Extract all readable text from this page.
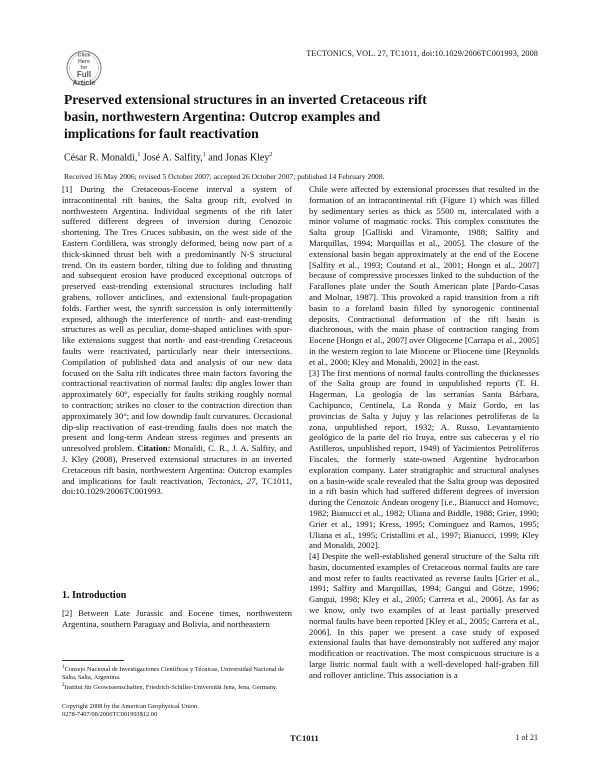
Click
Here
for
Full
Article
TECTONICS, VOL. 27, TC1011, doi:10.1029/2006TC001993, 2008
Preserved extensional structures in an inverted Cretaceous rift
basin, northwestern Argentina: Outcrop examples and
implications for fault reactivation
César R. Monaldi,$^1$ José A. Salfity,$^1$ and Jonas Kley$^2$
Received 16 May 2006; revised 5 October 2007; accepted 26 October 2007; published 14 February 2008.

[1] During the Cretaceous-Eocene interval a system of intracontinental rift basins, the Salta group rift, evolved in northwestern Argentina. Individual segments of the rift later suffered different degrees of inversion during Cenozoic shortening. The Tres Cruces subbasin, on the west side of the Eastern Cordillera, was strongly deformed, being now part of a thick-skinned thrust belt with a predominantly N-S structural trend. On its eastern border, tilting due to folding and thrusting and subsequent erosion have produced exceptional outcrops of preserved east-trending extensional structures including half grabens, rollover anticlines, and extensional fault-propagation folds. Farther west, the synrift succession is only intermittently exposed, although the interference of north- and east-trending structures as well as peculiar, dome-shaped anticlines with spur-like extensions suggest that north- and east-trending Cretaceous faults were reactivated, particularly near their intersections. Compilation of published data and analysis of our new data focused on the Salta rift indicates three main factors favoring the contractional reactivation of normal faults: dip angles lower than approximately 60°, especially for faults striking roughly normal to contraction; strikes no closer to the contraction direction than approximately 30°; and low downdip fault curvatures. Occasional dip-slip reactivation of east-trending faults does not match the present and long-term Andean stress regimes and presents an unresolved problem. Citation: Monaldi, C. R., J. A. Salfity, and J. Kley (2008), Preserved extensional structures in an inverted Cretaceous rift basin, northwestern Argentina: Outcrop examples and implications for fault reactivation, Tectonics, 27, TC1011, doi:10.1029/2006TC001993.

1. Introduction
[2] Between Late Jurassic and Eocene times, northwestern Argentina, southern Paraguay and Bolivia, and northeastern
$^1$Consejo Nacional de Investigaciones Científicas y Técnicas, Universidad Nacional de Salta, Salta, Argentina.
$^2$Institut für Geowissenschaften, Friedrich-Schiller-Universität Jena, Jena, Germany.
Copyright 2008 by the American Geophysical Union.
0278-7407/08/2006TC001993$12.00

Chile were affected by extensional processes that resulted in the formation of an intracontinental rift (Figure 1) which was filled by sedimentary series as thick as 5500 m, intercalated with a minor volume of magmatic rocks. This complex constitutes the Salta group [Galliski and Viramonte, 1988; Salfity and Marquillas, 1994; Marquillas et al., 2005]. The closure of the extensional basin began approximately at the end of the Eocene [Salfity et al., 1993; Coutand et al., 2001; Hongn et al., 2007] because of compressive processes linked to the subduction of the Farallones plate under the South American plate [Pardo-Casas and Molnar, 1987]. This provoked a rapid transition from a rift basin to a foreland basin filled by synorogenic continental deposits. Contractional deformation of the rift basin is diachronous, with the main phase of contraction ranging from Eocene [Hongn et al., 2007] over Oligocene [Carrapa et al., 2005] in the western region to late Miocene or Pliocene time [Reynolds et al., 2000; Kley and Monaldi, 2002] in the east.

[3] The first mentions of normal faults controlling the thicknesses of the Salta group are found in unpublished reports (T. H. Hagerman, La geología de las serranías Santa Bárbara, Cachipunco, Centinela, La Ronda y Maíz Gordo, en las provincias de Salta y Jujuy y las relaciones petrolíferas de la zona, unpublished report, 1932; A. Russo, Levantamiento geológico de la parte del río Iruya, entre sus cabeceras y el río Astilleros, unpublished report, 1949) of Yacimientos Petrolíferos Fiscales, the formerly state-owned Argentine hydrocarbon exploration company. Later stratigraphic and structural analyses on a basin-wide scale revealed that the Salta group was deposited in a rift basin which had suffered different degrees of inversion during the Cenozoic Andean orogeny [i.e., Bianucci and Homovc, 1982; Bianucci et al., 1982; Uliana and Biddle, 1988; Grier, 1990; Grier et al., 1991; Kress, 1995; Cominguez and Ramos, 1995; Uliana et al., 1995; Cristallini et al., 1997; Bianucci, 1999; Kley and Monaldi, 2002].

[4] Despite the well-established general structure of the Salta rift basin, documented examples of Cretaceous normal faults are rare and most refer to faults reactivated as reverse faults [Grier et al., 1991; Salfity and Marquillas, 1994; Gangui and Götze, 1996; Gangui, 1998; Kley et al., 2005; Carrera et al., 2006]. As far as we know, only two examples of at least partially preserved normal faults have been reported [Kley et al., 2005; Carrera et al., 2006]. In this paper we present a case study of exposed extensional faults that have demonstrably not suffered any major modification or reactivation. The most conspicuous structure is a large listric normal fault with a well-developed half-graben fill and rollover anticline. This association is a

TC1011	1 of 21
